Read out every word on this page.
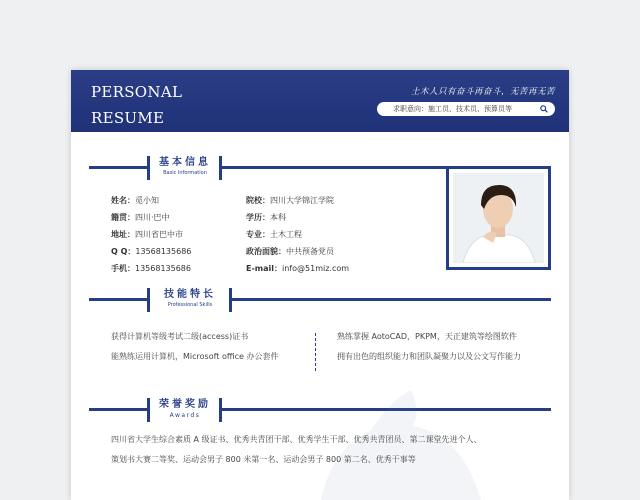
PERSONAL
RESUME
土木人只有奋斗再奋斗，无苦再无苦
求职意向：施工员、技术员、预算员等
基本信息
Basic Information
姓名：觅小知
籍贯：四川·巴中
地址：四川省巴中市
Q Q：13568135686
手机：13568135686
院校：四川大学锦江学院
学历：本科
专业：土木工程
政治面貌：中共预备党员
E-mail：info@51miz.com
技能特长
Professional Skills
获得计算机等级考试二级(access)证书
能熟练运用计算机，Microsoft office 办公套件
熟练掌握 AotoCAD，PKPM，天正建筑等绘图软件
拥有出色的组织能力和团队凝聚力以及公文写作能力
荣誉奖励
Awards
四川省大学生综合素质 A 级证书、优秀共青团干部、优秀学生干部、优秀共青团员、第二课堂先进个人、
策划书大赛二等奖、运动会男子 800 米第一名、运动会男子 800 第二名、优秀干事等
